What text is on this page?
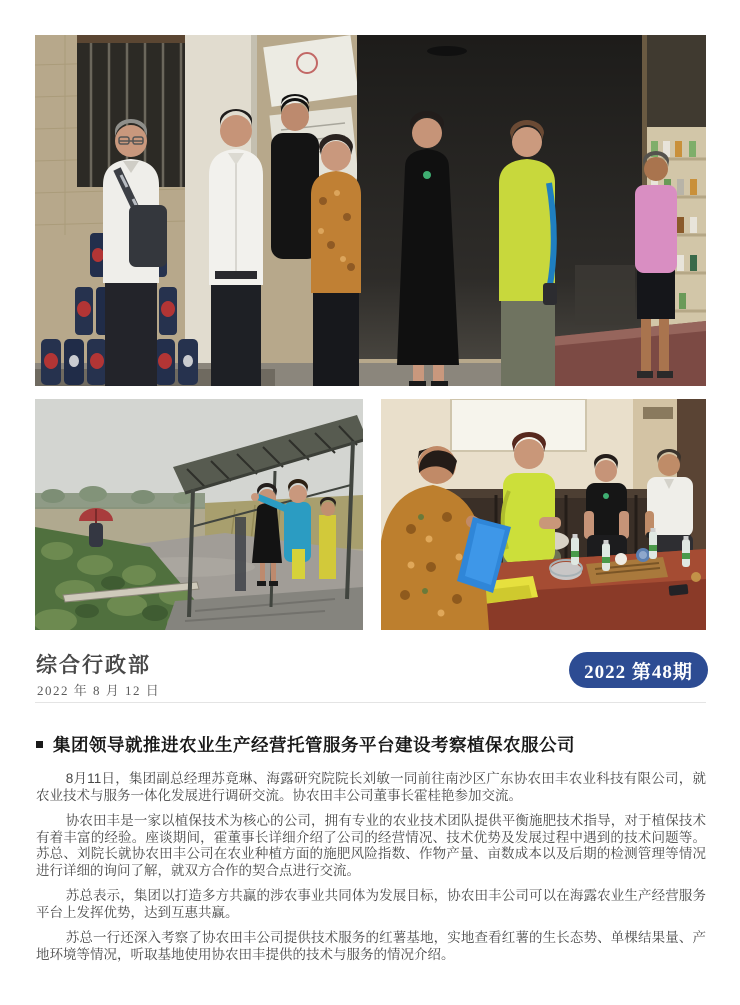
综合行政部
2022 年 8 月 12 日
2022 第48期
集团领导就推进农业生产经营托管服务平台建设考察植保农服公司

8月11日，集团副总经理苏竟琳、海露研究院院长刘敏一同前往南沙区广东协农田丰农业科技有限公司，就农业技术与服务一体化发展进行调研交流。协农田丰公司董事长霍桂艳参加交流。

协农田丰是一家以植保技术为核心的公司，拥有专业的农业技术团队提供平衡施肥技术指导，对于植保技术有着丰富的经验。座谈期间，霍董事长详细介绍了公司的经营情况、技术优势及发展过程中遇到的技术问题等。苏总、刘院长就协农田丰公司在农业种植方面的施肥风险指数、作物产量、亩数成本以及后期的检测管理等情况进行详细的询问了解，就双方合作的契合点进行交流。

苏总表示，集团以打造多方共赢的涉农事业共同体为发展目标，协农田丰公司可以在海露农业生产经营服务平台上发挥优势，达到互惠共赢。

苏总一行还深入考察了协农田丰公司提供技术服务的红薯基地，实地查看红薯的生长态势、单棵结果量、产地环境等情况，听取基地使用协农田丰提供的技术与服务的情况介绍。
